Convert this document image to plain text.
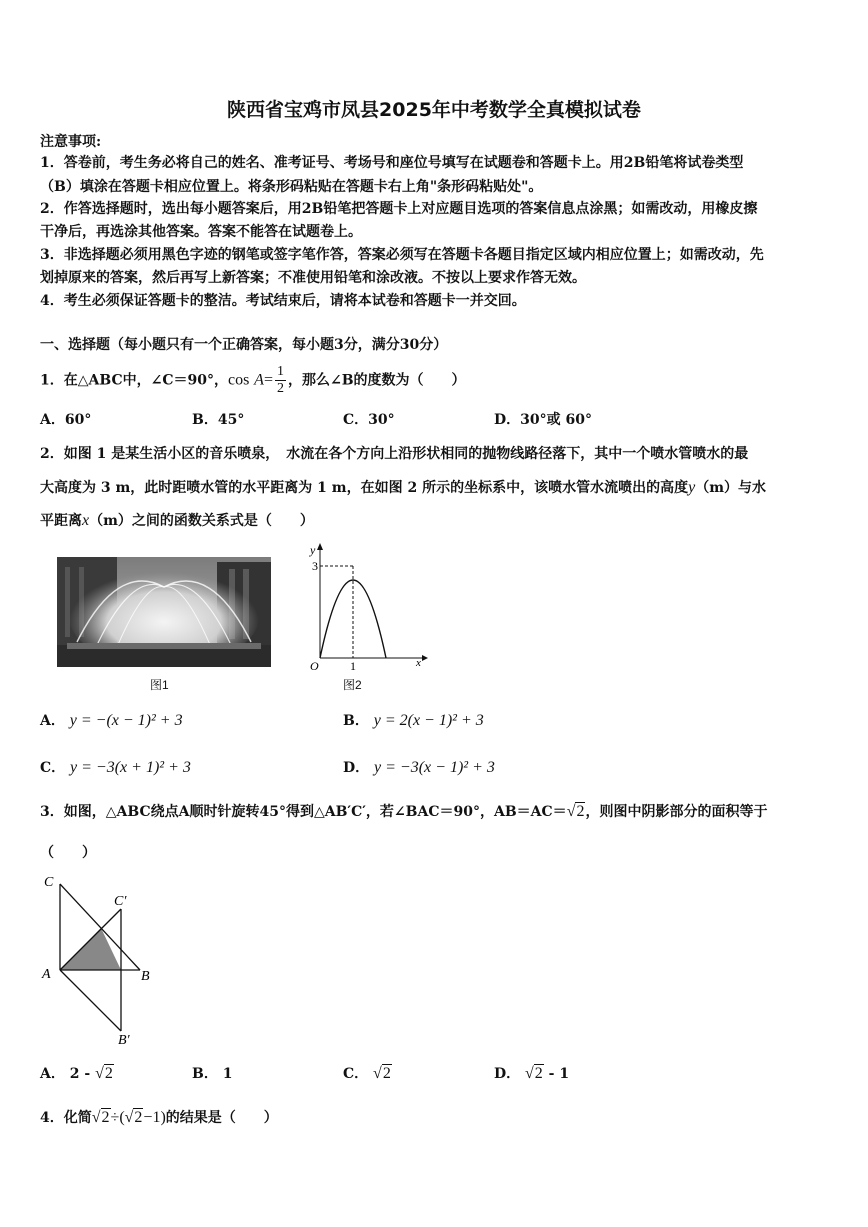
陕西省宝鸡市凤县2025年中考数学全真模拟试卷
注意事项:
1．答卷前，考生务必将自己的姓名、准考证号、考场号和座位号填写在试题卷和答题卡上。用2B铅笔将试卷类型
（B）填涂在答题卡相应位置上。将条形码粘贴在答题卡右上角"条形码粘贴处"。
2．作答选择题时，选出每小题答案后，用2B铅笔把答题卡上对应题目选项的答案信息点涂黑；如需改动，用橡皮擦
干净后，再选涂其他答案。答案不能答在试题卷上。
3．非选择题必须用黑色字迹的钢笔或签字笔作答，答案必须写在答题卡各题目指定区域内相应位置上；如需改动，先
划掉原来的答案，然后再写上新答案；不准使用铅笔和涂改液。不按以上要求作答无效。
4．考生必须保证答题卡的整洁。考试结束后，请将本试卷和答题卡一并交回。
一、选择题（每小题只有一个正确答案，每小题3分，满分30分）
1．在△ABC中，∠C＝90°，$\cos A= \frac{1}{2}$ ，那么∠B的度数为（　　）
A．60°	B．45°	C．30°	D．30°或 60°
2．如图 1 是某生活小区的音乐喷泉，　水流在各个方向上沿形状相同的抛物线路径落下，其中一个喷水管喷水的最
大高度为 3 m，此时距喷水管的水平距离为 1 m，在如图 2 所示的坐标系中，该喷水管水流喷出的高度y（m）与水
平距离x（m）之间的函数关系式是（　　）
图1
y
3
O	1	x
图2
A． y = −(x − 1)² + 3	B． y = 2(x − 1)² + 3
C． y = −3(x + 1)² + 3	D． y = −3(x − 1)² + 3
3．如图，△ABC绕点A顺时针旋转45°得到△AB′C′，若∠BAC＝90°，AB＝AC＝√2，则图中阴影部分的面积等于
（　　）
C
C′
A	B
B′
A． 2 - √2	B． 1	C． √2	D． √2 - 1
4．化简√2÷(√2−1)的结果是（　　）
